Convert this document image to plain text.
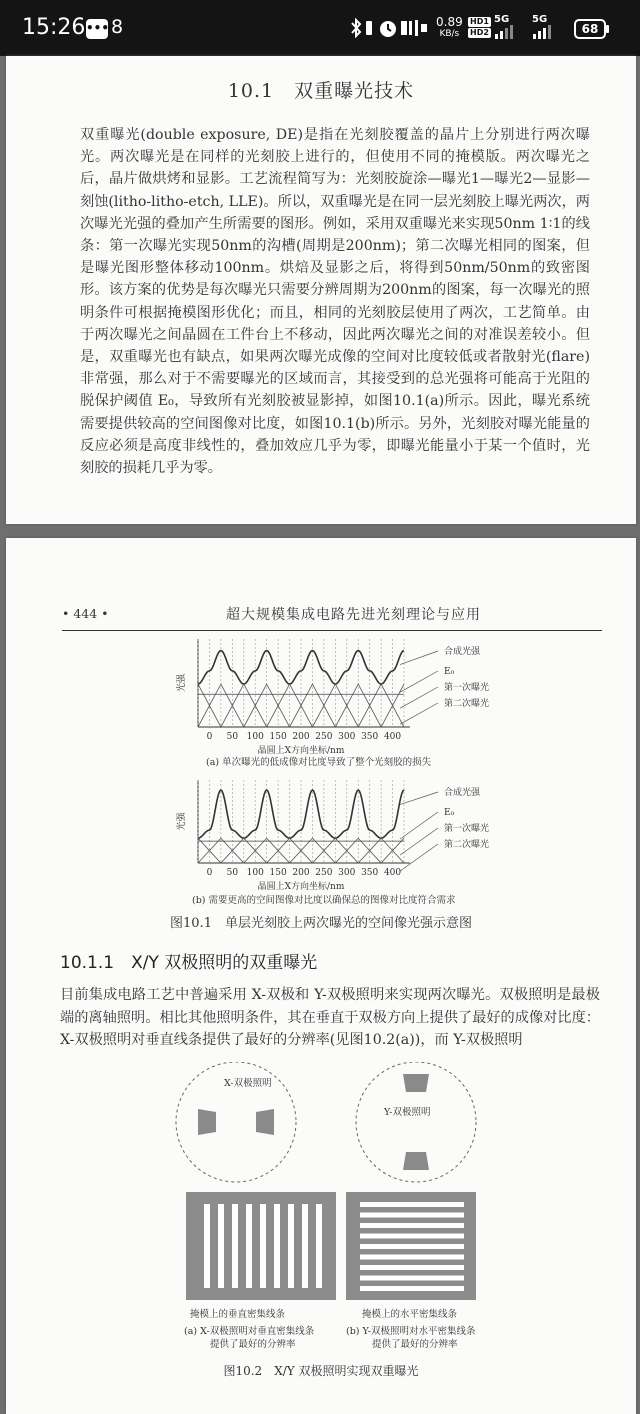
15:26 ••• 8	0.89
KB/s
HD1
HD2
5G 5G
68
10.1　双重曝光技术

双重曝光(double exposure, DE)是指在光刻胶覆盖的晶片上分别进行两次曝光。两次曝光是在同样的光刻胶上进行的，但使用不同的掩模版。两次曝光之后，晶片做烘烤和显影。工艺流程简写为：光刻胶旋涂—曝光1—曝光2—显影—刻蚀(litho-litho-etch, LLE)。所以，双重曝光是在同一层光刻胶上曝光两次，两次曝光光强的叠加产生所需要的图形。例如，采用双重曝光来实现50nm 1∶1的线条：第一次曝光实现50nm的沟槽(周期是200nm)；第二次曝光相同的图案，但是曝光图形整体移动100nm。烘焙及显影之后，将得到50nm/50nm的致密图形。该方案的优势是每次曝光只需要分辨周期为200nm的图案，每一次曝光的照明条件可根据掩模图形优化；而且，相同的光刻胶层使用了两次，工艺简单。由于两次曝光之间晶圆在工件台上不移动，因此两次曝光之间的对准误差较小。但是，双重曝光也有缺点，如果两次曝光成像的空间对比度较低或者散射光(flare)非常强，那么对于不需要曝光的区域而言，其接受到的总光强将可能高于光阻的脱保护阈值 E₀，导致所有光刻胶被显影掉，如图10.1(a)所示。因此，曝光系统需要提供较高的空间图像对比度，如图10.1(b)所示。另外，光刻胶对曝光能量的反应必须是高度非线性的，叠加效应几乎为零，即曝光能量小于某一个值时，光刻胶的损耗几乎为零。

• 444 •	超大规模集成电路先进光刻理论与应用
光强
合成光强
E₀
第一次曝光
第二次曝光
0 50 100 150 200 250 300 350 400
晶圆上X方向坐标/nm
(a) 单次曝光的低成像对比度导致了整个光刻胶的损失
光强
合成光强
E₀
第一次曝光
第二次曝光
0 50 100 150 200 250 300 350 400
晶圆上X方向坐标/nm
(b) 需要更高的空间图像对比度以确保总的图像对比度符合需求
图10.1　单层光刻胶上两次曝光的空间像光强示意图
10.1.1　X/Y 双极照明的双重曝光

目前集成电路工艺中普遍采用 X-双极和 Y-双极照明来实现两次曝光。双极照明是最极端的离轴照明。相比其他照明条件，其在垂直于双极方向上提供了最好的成像对比度：X-双极照明对垂直线条提供了最好的分辨率(见图10.2(a))，而 Y-双极照明

X-双极照明
Y-双极照明
掩模上的垂直密集线条	掩模上的水平密集线条
(a) X-双极照明对垂直密集线条
提供了最好的分辨率
(b) Y-双极照明对水平密集线条
提供了最好的分辨率
图10.2　X/Y 双极照明实现双重曝光
